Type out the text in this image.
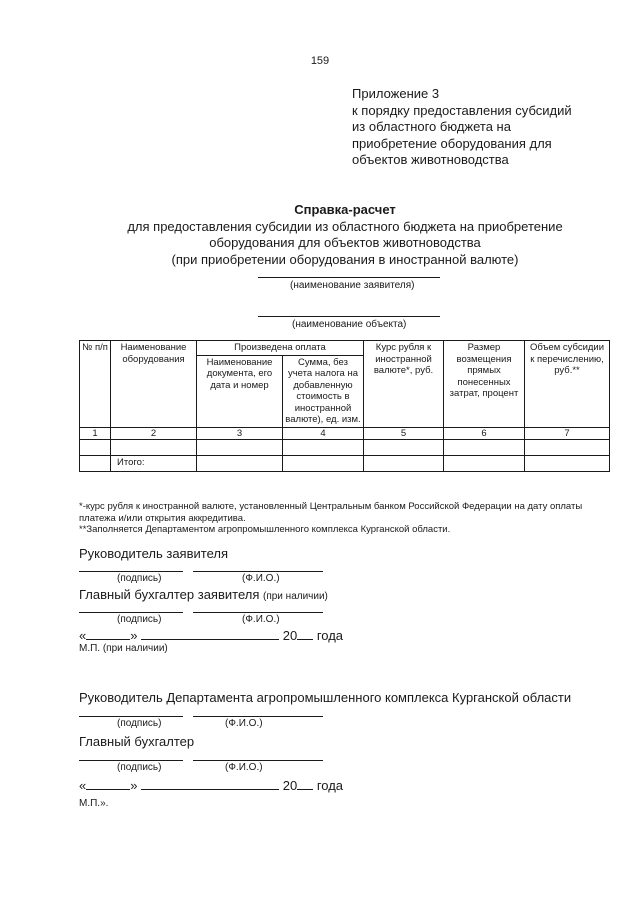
159
Приложение 3
к порядку предоставления субсидий
из областного бюджета на
приобретение оборудования для
объектов животноводства
Справка-расчет
для предоставления субсидии из областного бюджета на приобретение
оборудования для объектов животноводства
(при приобретении оборудования в иностранной валюте)
(наименование заявителя)
(наименование объекта)
№ п/п	Наименование оборудования	Произведена оплата		Курс рубля к иностранной валюте*, руб.	Размер возмещения прямых понесенных затрат, процент	Объем субсидии к перечислению, руб.**
		Наименование документа, его дата и номер	Сумма, без учета налога на добавленную стоимость в иностранной валюте), ед. изм.			
1	2	3	4	5	6	7

	Итого:					
*-курс рубля к иностранной валюте, установленный Центральным банком Российской Федерации на дату оплаты платежа и/или открытия аккредитива.
**Заполняется Департаментом агропромышленного комплекса Курганской области.
Руководитель заявителя
(подпись)	(Ф.И.О.)
Главный бухгалтер заявителя (при наличии)
(подпись)	(Ф.И.О.)
«	»	20 года
М.П. (при наличии)
Руководитель Департамента агропромышленного комплекса Курганской области
(подпись)	(Ф.И.О.)
Главный бухгалтер
(подпись)	(Ф.И.О.)
«	»	20 года
М.П.».
